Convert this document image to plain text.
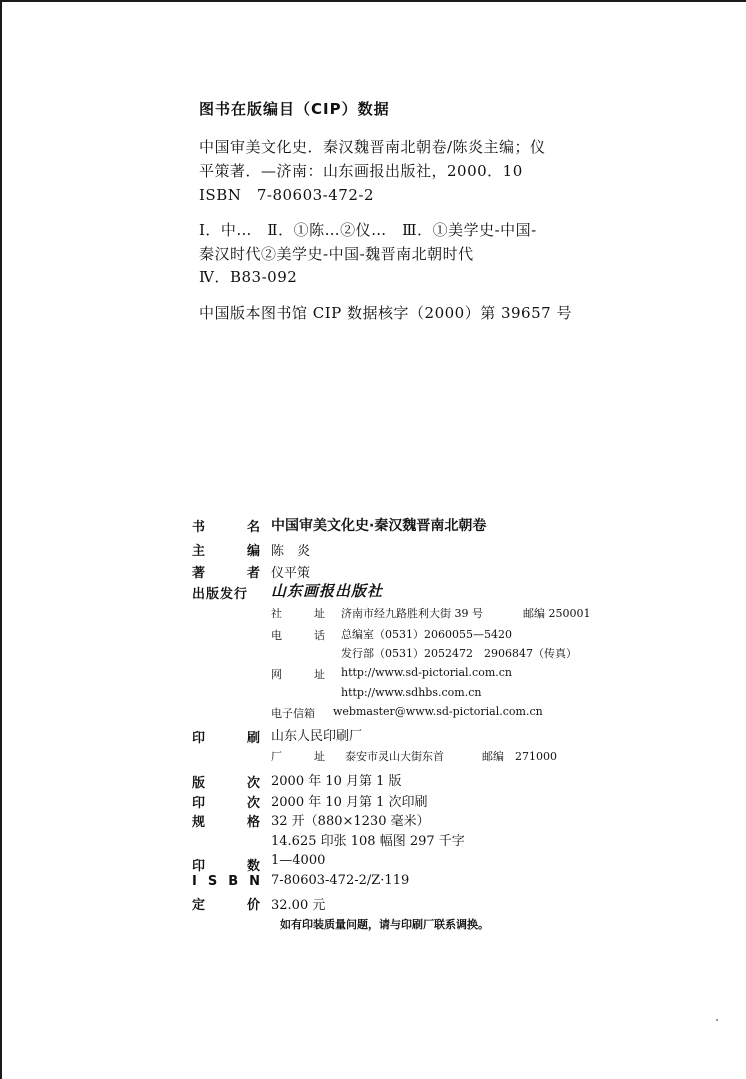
图书在版编目（CIP）数据
中国审美文化史．秦汉魏晋南北朝卷/陈炎主编；仪
平策著．—济南：山东画报出版社，2000．10
ISBN　7-80603-472-2
Ⅰ．中…　Ⅱ．①陈…②仪…　Ⅲ．①美学史-中国-
秦汉时代②美学史-中国-魏晋南北朝时代
Ⅳ．B83-092
中国版本图书馆 CIP 数据核字（2000）第 39657 号
书	名 中国审美文化史·秦汉魏晋南北朝卷
主	编 陈　炎
著	者 仪平策
出版发行	山东画报出版社
社	址 济南市经九路胜利大街 39 号	邮编 250001
电	话 总编室（0531）2060055—5420
发行部（0531）2052472　2906847（传真）
网	址 http://www.sd-pictorial.com.cn
http://www.sdhbs.com.cn
电子信箱 webmaster@www.sd-pictorial.com.cn
印	刷 山东人民印刷厂
厂	址 泰安市灵山大街东首	邮编　271000
版	次 2000 年 10 月第 1 版
印	次 2000 年 10 月第 1 次印刷
规	格 32 开（880×1230 毫米）
14.625 印张 108 幅图 297 千字
印	数 1—4000
I S B N 7-80603-472-2/Z·119
定	价 32.00 元
如有印装质量问题，请与印刷厂联系调换。
